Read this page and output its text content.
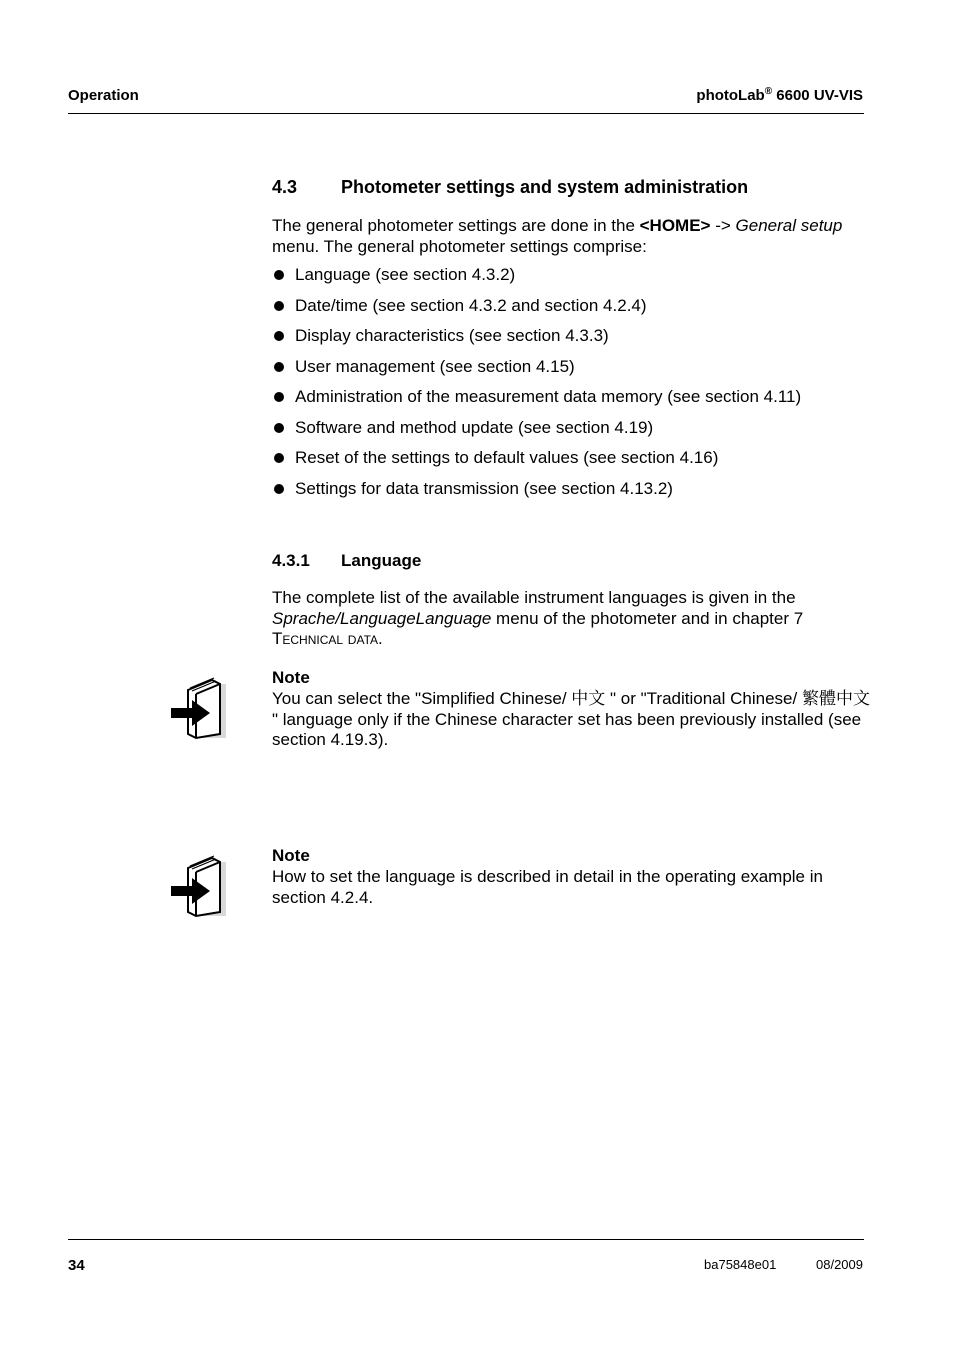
Operation	photoLab® 6600 UV-VIS
4.3 Photometer settings and system administration
The general photometer settings are done in the <HOME> -> General setup menu. The general photometer settings comprise:
Language (see section 4.3.2)
Date/time (see section 4.3.2 and section 4.2.4)
Display characteristics (see section 4.3.3)
User management (see section 4.15)
Administration of the measurement data memory (see section 4.11)
Software and method update (see section 4.19)
Reset of the settings to default values (see section 4.16)
Settings for data transmission (see section 4.13.2)
4.3.1 Language
The complete list of the available instrument languages is given in the Sprache/LanguageLanguage menu of the photometer and in chapter 7 Technical data.
Note
You can select the "Simplified Chinese/ 中文 " or "Traditional Chinese/ 繁體中文 " language only if the Chinese character set has been previously installed (see section 4.19.3).
Note
How to set the language is described in detail in the operating example in section 4.2.4.
34	ba75848e01	08/2009
